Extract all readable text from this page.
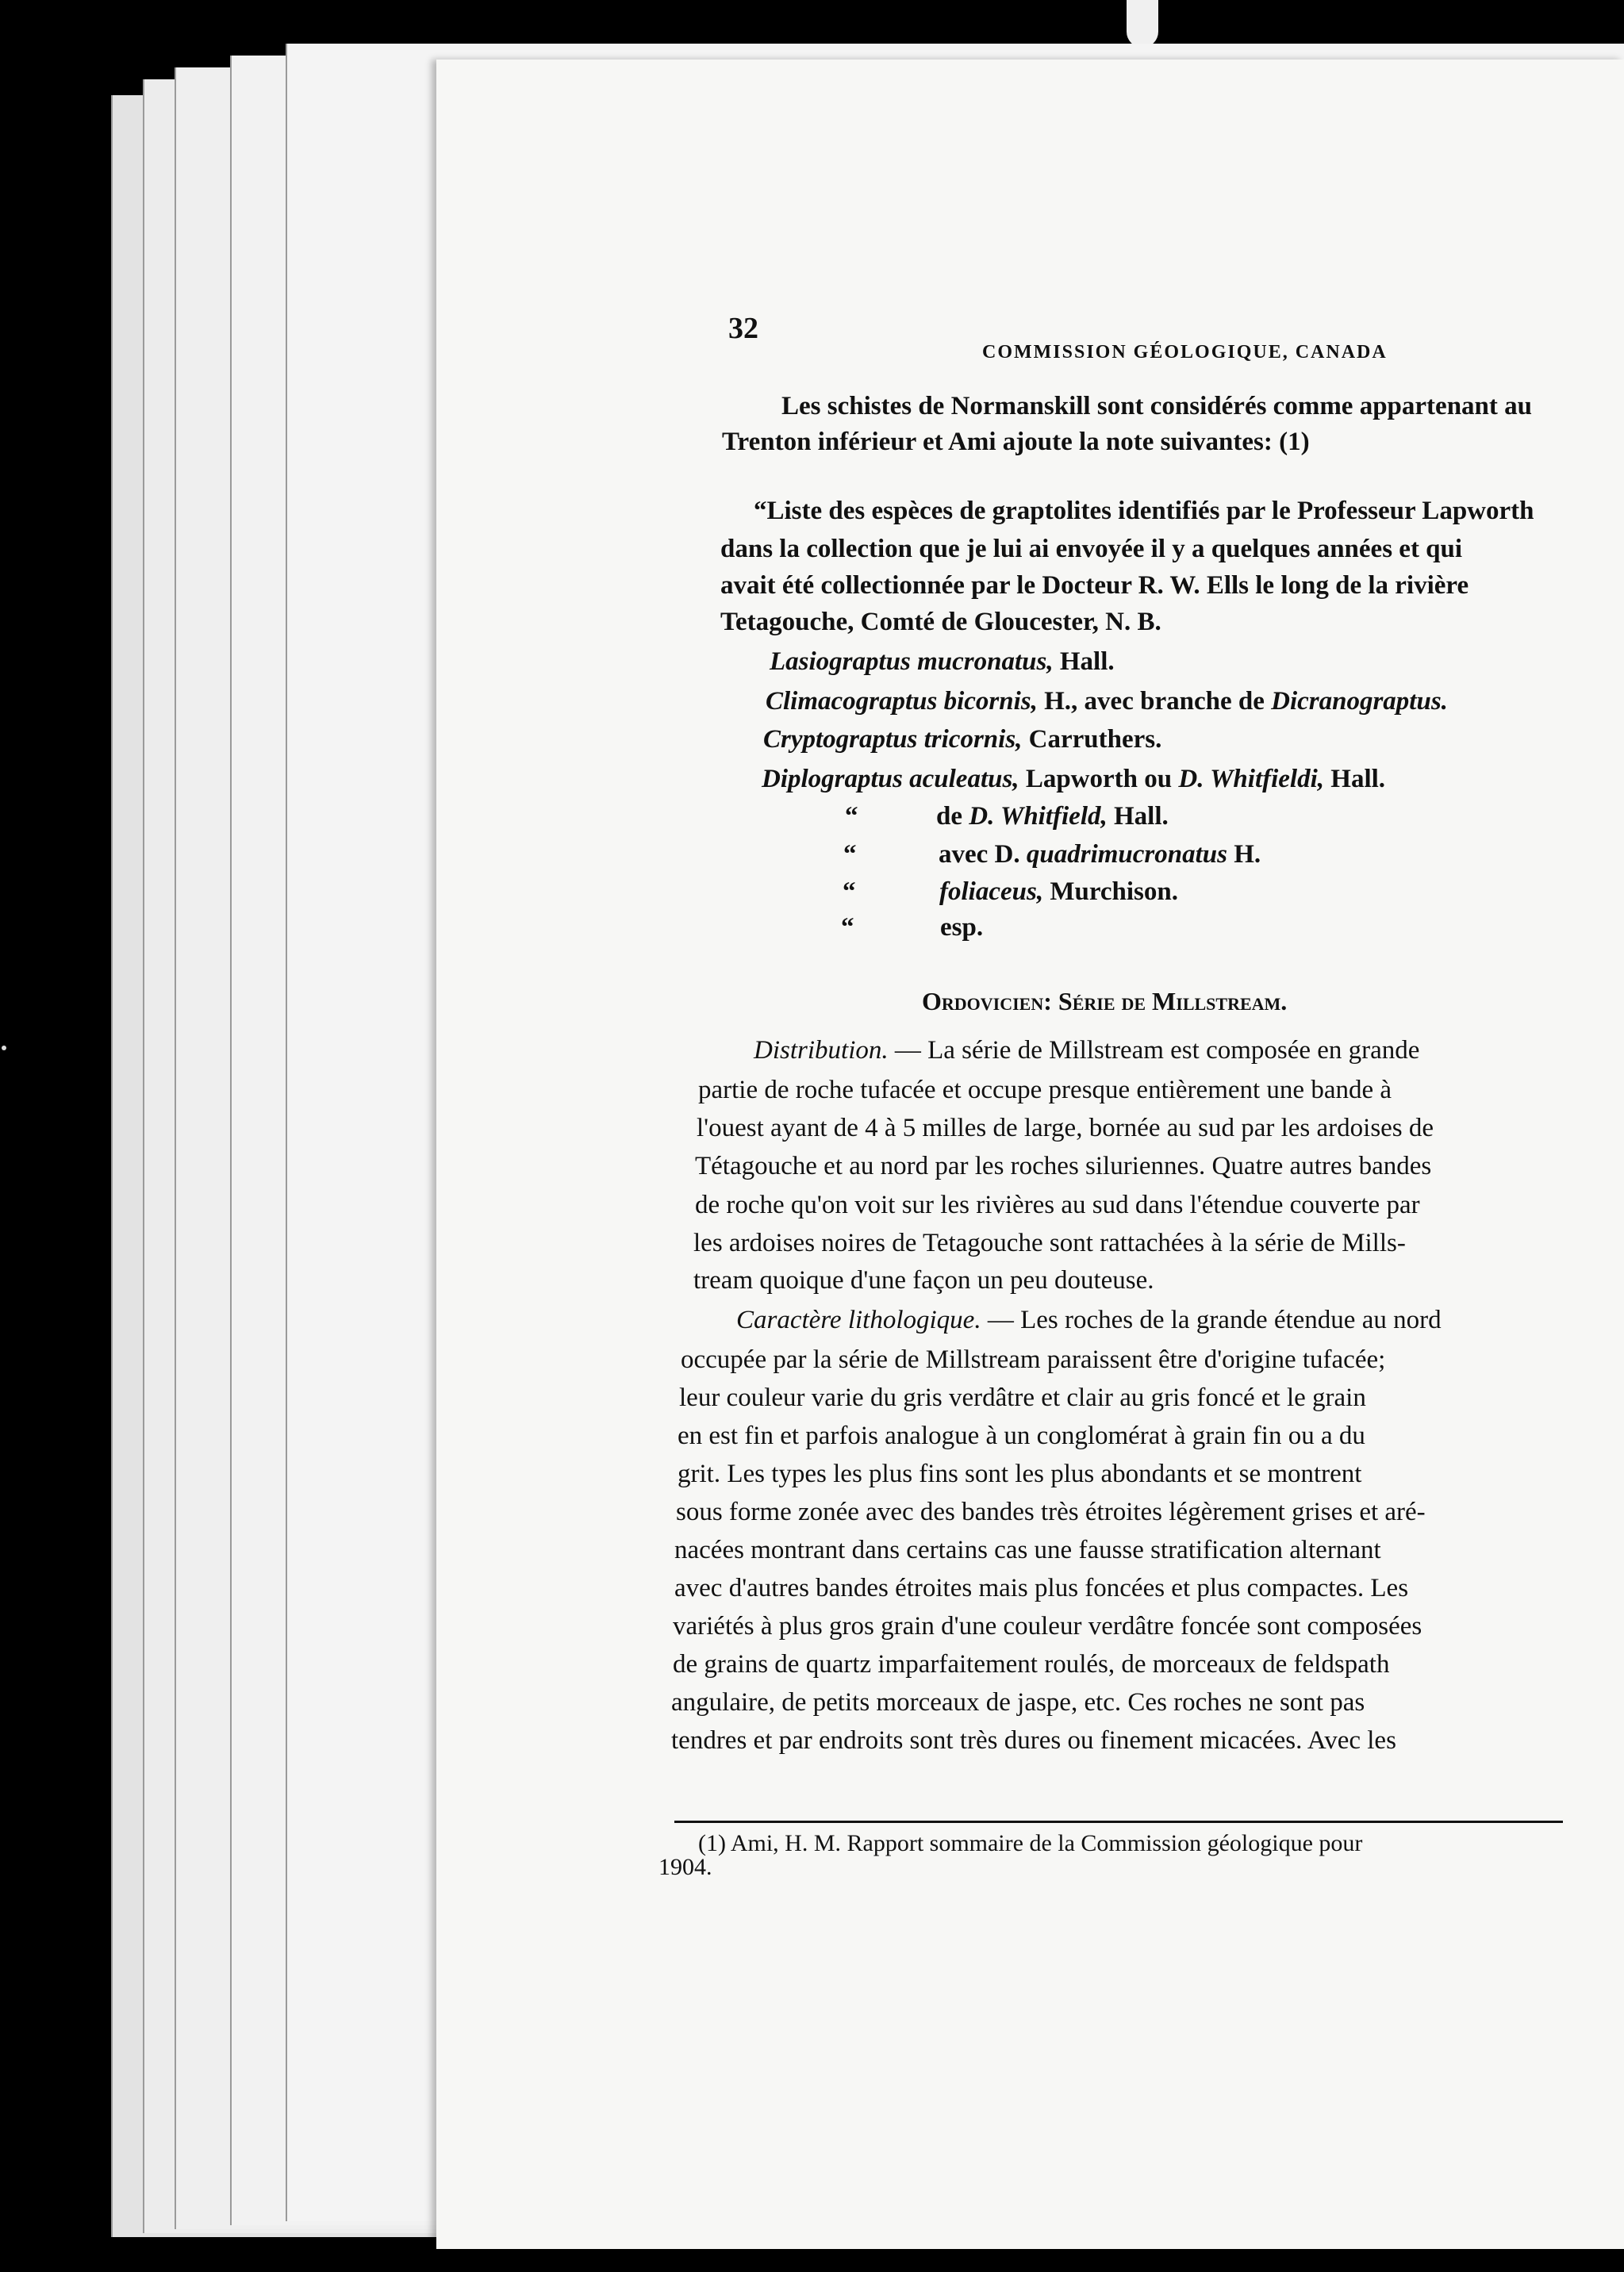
32
COMMISSION GÉOLOGIQUE, CANADA
Les schistes de Normanskill sont considérés comme appartenant au
Trenton inférieur et Ami ajoute la note suivantes: (1)
“Liste des espèces de graptolites identifiés par le Professeur Lapworth
dans la collection que je lui ai envoyée il y a quelques années et qui
avait été collectionnée par le Docteur R. W. Ells le long de la rivière
Tetagouche, Comté de Gloucester, N. B.
Lasiograptus mucronatus, Hall.
Climacograptus bicornis, H., avec branche de Dicranograptus.
Cryptograptus tricornis, Carruthers.
Diplograptus aculeatus, Lapworth ou D. Whitfieldi, Hall.
“	de D. Whitfield, Hall.
“	avec D. quadrimucronatus H.
“	foliaceus, Murchison.
“	esp.
Ordovicien: Série de Millstream.
Distribution. — La série de Millstream est composée en grande
partie de roche tufacée et occupe presque entièrement une bande à
l'ouest ayant de 4 à 5 milles de large, bornée au sud par les ardoises de
Tétagouche et au nord par les roches siluriennes. Quatre autres bandes
de roche qu'on voit sur les rivières au sud dans l'étendue couverte par
les ardoises noires de Tetagouche sont rattachées à la série de Mills-
tream quoique d'une façon un peu douteuse.
Caractère lithologique. — Les roches de la grande étendue au nord
occupée par la série de Millstream paraissent être d'origine tufacée;
leur couleur varie du gris verdâtre et clair au gris foncé et le grain
en est fin et parfois analogue à un conglomérat à grain fin ou a du
grit. Les types les plus fins sont les plus abondants et se montrent
sous forme zonée avec des bandes très étroites légèrement grises et aré-
nacées montrant dans certains cas une fausse stratification alternant
avec d'autres bandes étroites mais plus foncées et plus compactes. Les
variétés à plus gros grain d'une couleur verdâtre foncée sont composées
de grains de quartz imparfaitement roulés, de morceaux de feldspath
angulaire, de petits morceaux de jaspe, etc. Ces roches ne sont pas
tendres et par endroits sont très dures ou finement micacées. Avec les
(1) Ami, H. M. Rapport sommaire de la Commission géologique pour
1904.
